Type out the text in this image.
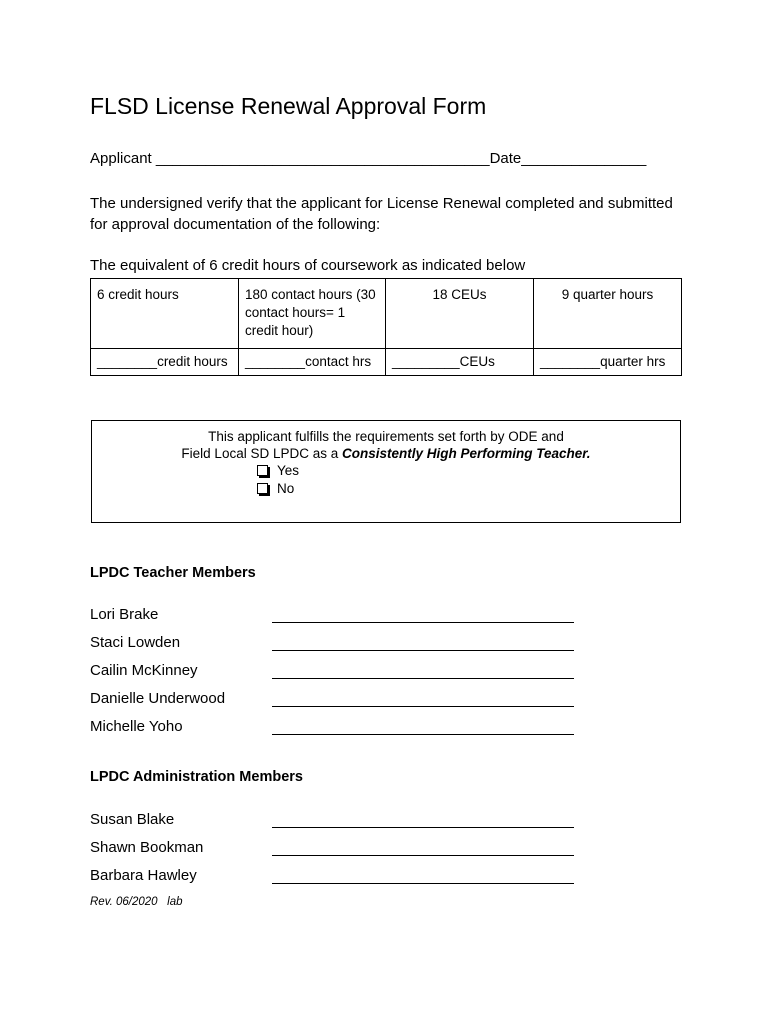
FLSD License Renewal Approval Form
Applicant ________________________________________Date_______________
The undersigned verify that the applicant for License Renewal completed and submitted for approval documentation of the following:
The equivalent of 6 credit hours of coursework as indicated below
6 credit hours	180 contact hours (30 contact hours= 1 credit hour)	18 CEUs	9 quarter hours
________credit hours	________contact hrs	_________CEUs	________quarter hrs
This applicant fulfills the requirements set forth by ODE and
Field Local SD LPDC as a Consistently High Performing Teacher.
Yes
No
LPDC Teacher Members
Lori Brake
Staci Lowden
Cailin McKinney
Danielle Underwood
Michelle Yoho
LPDC Administration Members
Susan Blake
Shawn Bookman
Barbara Hawley
Rev. 06/2020   lab
